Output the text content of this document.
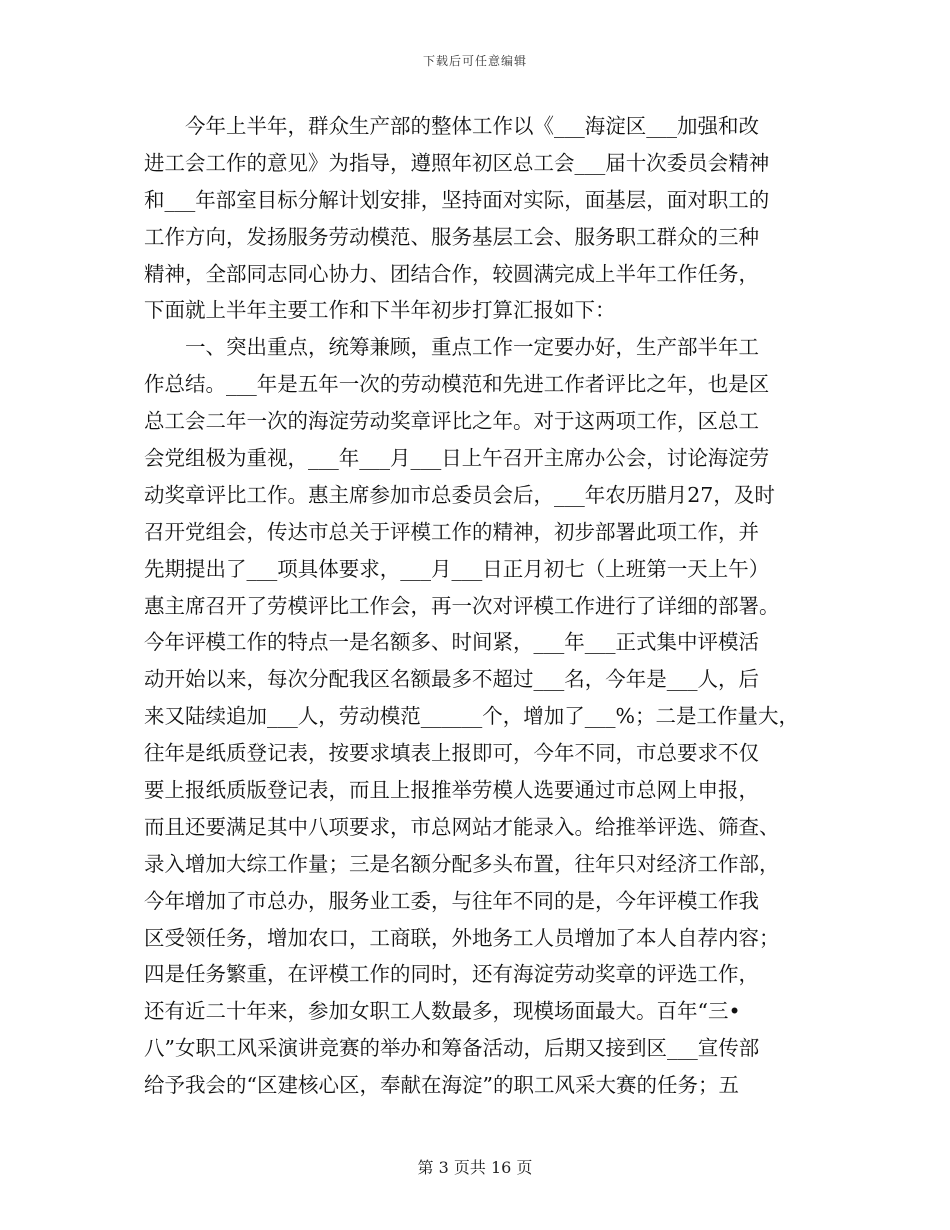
下载后可任意编辑
今年上半年，群众生产部的整体工作以《___海淀区___加强和改
进工会工作的意见》为指导，遵照年初区总工会___届十次委员会精神
和___年部室目标分解计划安排，坚持面对实际，面基层，面对职工的
工作方向，发扬服务劳动模范、服务基层工会、服务职工群众的三种
精神，全部同志同心协力、团结合作，较圆满完成上半年工作任务，
下面就上半年主要工作和下半年初步打算汇报如下：
一、突出重点，统筹兼顾，重点工作一定要办好，生产部半年工
作总结。___年是五年一次的劳动模范和先进工作者评比之年，也是区
总工会二年一次的海淀劳动奖章评比之年。对于这两项工作，区总工
会党组极为重视，___年___月___日上午召开主席办公会，讨论海淀劳
动奖章评比工作。惠主席参加市总委员会后，___年农历腊月27，及时
召开党组会，传达市总关于评模工作的精神，初步部署此项工作，并
先期提出了___项具体要求，___月___日正月初七（上班第一天上午）
惠主席召开了劳模评比工作会，再一次对评模工作进行了详细的部署。
今年评模工作的特点一是名额多、时间紧，___年___正式集中评模活
动开始以来，每次分配我区名额最多不超过___名，今年是___人，后
来又陆续追加___人，劳动模范______个，增加了___%；二是工作量大，
往年是纸质登记表，按要求填表上报即可，今年不同，市总要求不仅
要上报纸质版登记表，而且上报推举劳模人选要通过市总网上申报，
而且还要满足其中八项要求，市总网站才能录入。给推举评选、筛查、
录入增加大综工作量；三是名额分配多头布置，往年只对经济工作部，
今年增加了市总办，服务业工委，与往年不同的是，今年评模工作我
区受领任务，增加农口，工商联，外地务工人员增加了本人自荐内容；
四是任务繁重，在评模工作的同时，还有海淀劳动奖章的评选工作，
还有近二十年来，参加女职工人数最多，现模场面最大。百年“三•
八”女职工风采演讲竞赛的举办和筹备活动，后期又接到区___宣传部
给予我会的“区建核心区，奉献在海淀”的职工风采大赛的任务；五
第 3 页共 16 页
